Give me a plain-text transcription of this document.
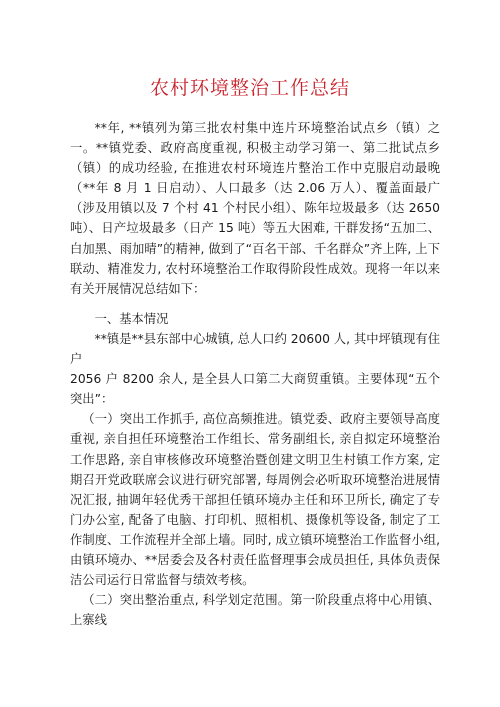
农村环境整治工作总结

**年, **镇列为第三批农村集中连片环境整治试点乡（镇）之一。**镇党委、政府高度重视, 积极主动学习第一、第二批试点乡（镇）的成功经验, 在推进农村环境连片整治工作中克服启动最晚（**年 8 月 1 日启动）、人口最多（达 2.06 万人）、覆盖面最广（涉及用镇以及 7 个村 41 个村民小组）、陈年垃圾最多（达 2650 吨）、日产垃圾最多（日产 15 吨）等五大困难, 干群发扬“五加二、白加黑、雨加晴”的精神, 做到了“百名干部、千名群众”齐上阵, 上下联动、精准发力, 农村环境整治工作取得阶段性成效。现将一年以来有关开展情况总结如下：

一、基本情况

**镇是**县东部中心城镇, 总人口约 20600 人, 其中坪镇现有住户

2056 户 8200 余人, 是全县人口第二大商贸重镇。主要体现“五个突出”：

（一）突出工作抓手, 高位高频推进。镇党委、政府主要领导高度重视, 亲自担任环境整治工作组长、常务副组长, 亲自拟定环境整治工作思路, 亲自审核修改环境整治暨创建文明卫生村镇工作方案, 定期召开党政联席会议进行研究部署, 每周例会必听取环境整治进展情况汇报, 抽调年轻优秀干部担任镇环境办主任和环卫所长, 确定了专门办公室, 配备了电脑、打印机、照相机、摄像机等设备, 制定了工作制度、工作流程并全部上墙。同时, 成立镇环境整治工作监督小组, 由镇环境办、**居委会及各村责任监督理事会成员担任, 具体负责保洁公司运行日常监督与绩效考核。

（二）突出整治重点, 科学划定范围。第一阶段重点将中心用镇、上寨线
